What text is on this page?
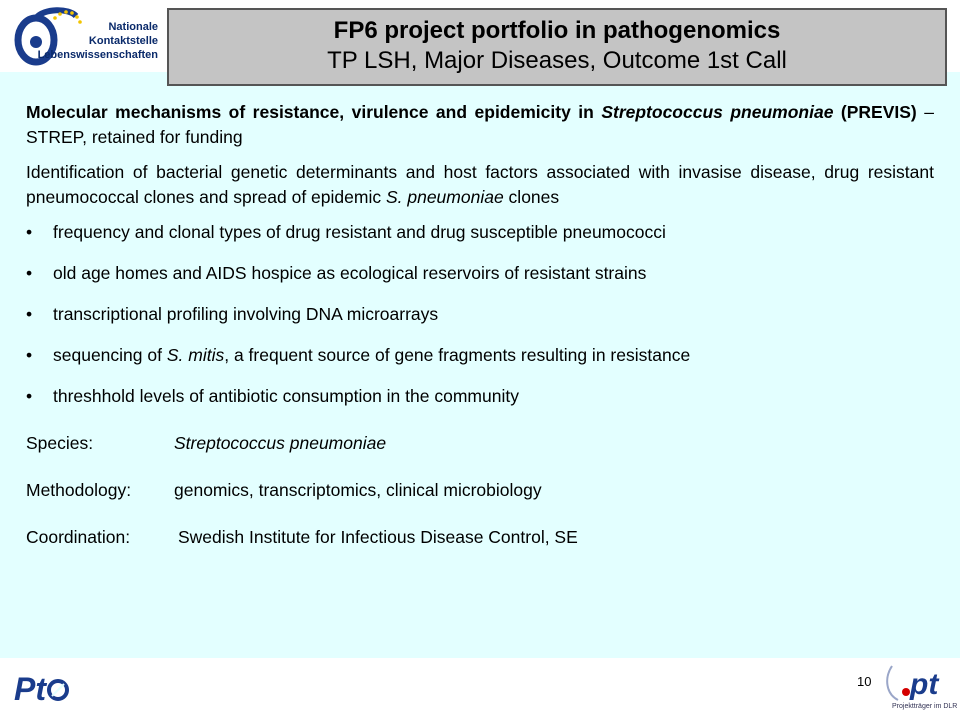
Nationale
Kontaktstelle
Lebenswissenschaften
FP6 project portfolio in pathogenomics
TP LSH, Major Diseases, Outcome 1st Call

Molecular mechanisms of resistance, virulence and epidemicity in Streptococcus pneumoniae (PREVIS) – STREP, retained for funding

Identification of bacterial genetic determinants and host factors associated with invasise disease, drug resistant pneumococcal clones and spread of epidemic S. pneumoniae clones

• frequency and clonal types of drug resistant and drug susceptible pneumococci
• old age homes and AIDS hospice as ecological reservoirs of resistant strains
• transcriptional profiling involving DNA microarrays
• sequencing of S. mitis, a frequent source of gene fragments resulting in resistance
• threshhold levels of antibiotic consumption in the community
Species:	Streptococcus pneumoniae
Methodology:	genomics, transcriptomics, clinical microbiology
Coordination:	Swedish Institute for Infectious Disease Control, SE
Pt	10 pt
Projektträger im DLR
